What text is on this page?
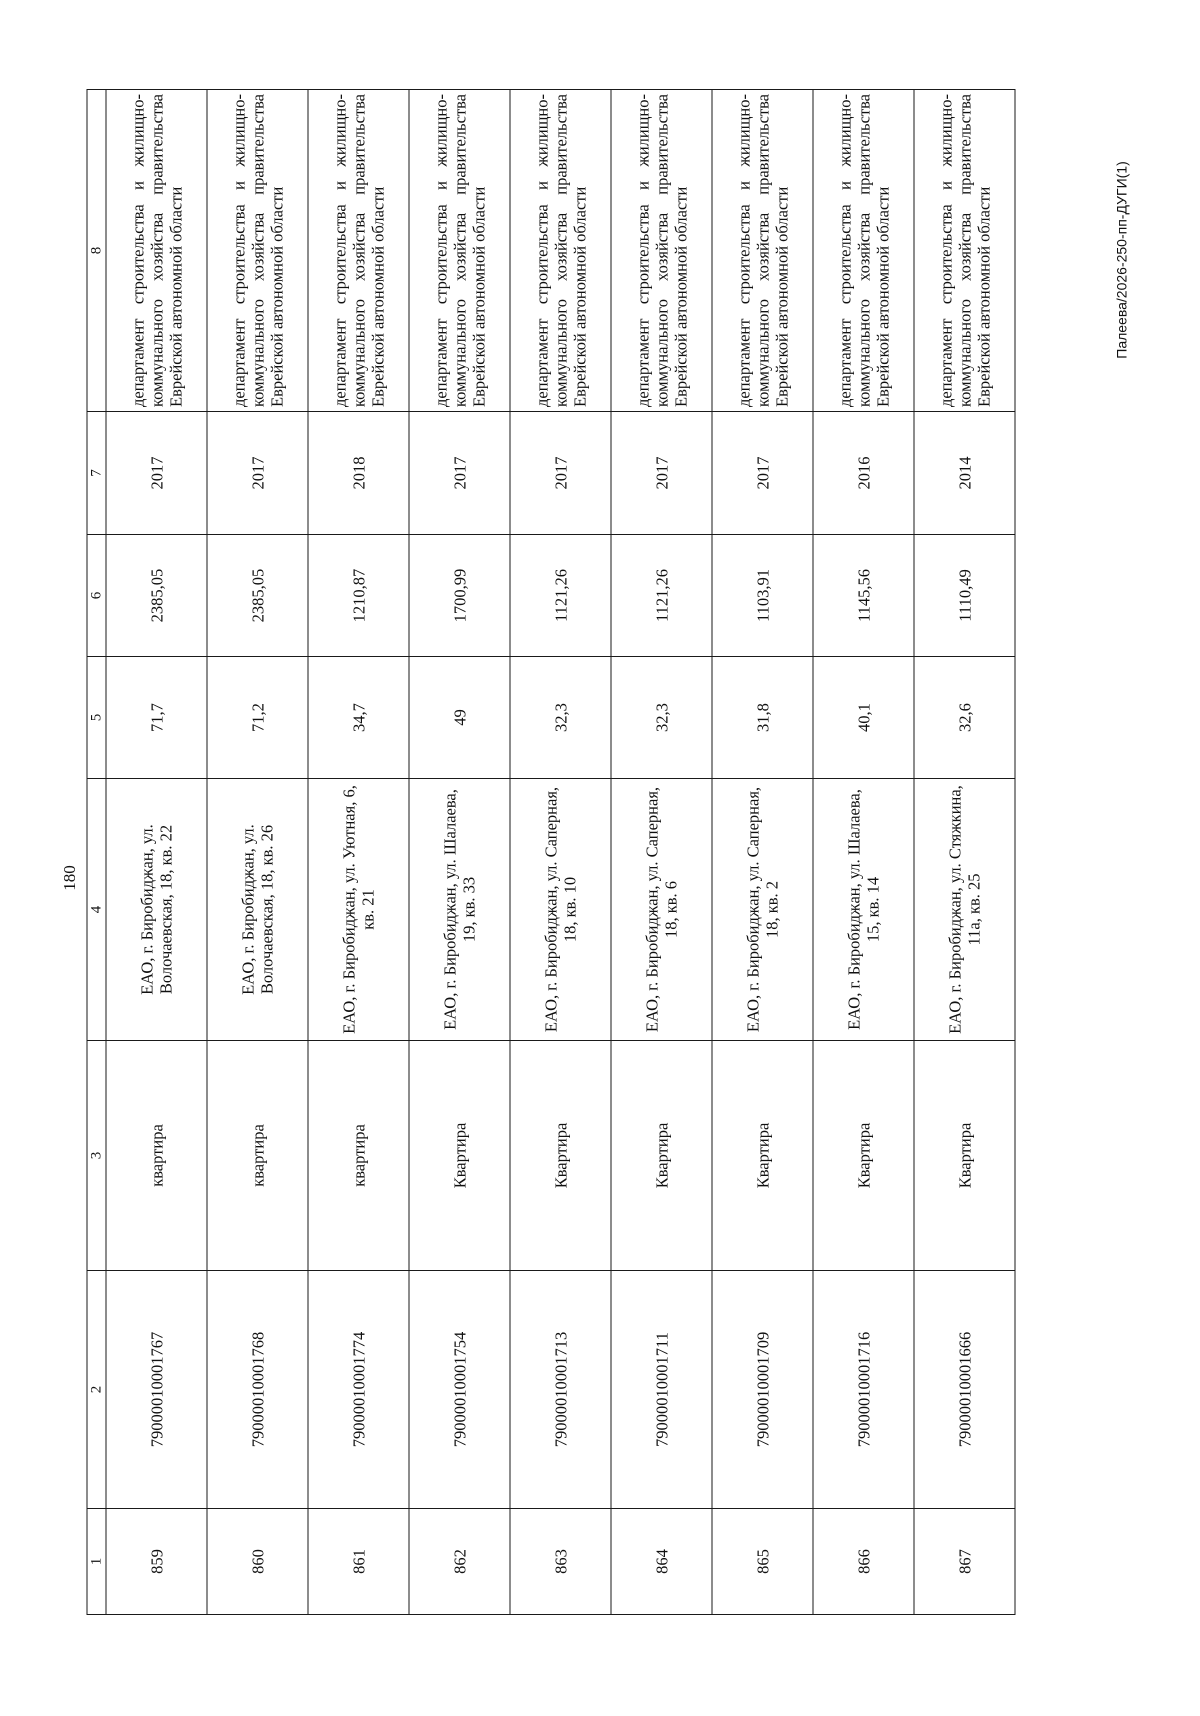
180
1	2	3	4	5	6	7	8
859	79000010001767	квартира	ЕАО, г. Биробиджан, ул. Волочаевская, 18, кв. 22	71,7	2385,05	2017	департамент строительства и жилищно-коммунального хозяйства правительства Еврейской автономной области
860	79000010001768	квартира	ЕАО, г. Биробиджан, ул. Волочаевская, 18, кв. 26	71,2	2385,05	2017	департамент строительства и жилищно-коммунального хозяйства правительства Еврейской автономной области
861	79000010001774	квартира	ЕАО, г. Биробиджан, ул. Уютная, 6, кв. 21	34,7	1210,87	2018	департамент строительства и жилищно-коммунального хозяйства правительства Еврейской автономной области
862	79000010001754	Квартира	ЕАО, г. Биробиджан, ул. Шалаева, 19, кв. 33	49	1700,99	2017	департамент строительства и жилищно-коммунального хозяйства правительства Еврейской автономной области
863	79000010001713	Квартира	ЕАО, г. Биробиджан, ул. Саперная, 18, кв. 10	32,3	1121,26	2017	департамент строительства и жилищно-коммунального хозяйства правительства Еврейской автономной области
864	79000010001711	Квартира	ЕАО, г. Биробиджан, ул. Саперная, 18, кв. 6	32,3	1121,26	2017	департамент строительства и жилищно-коммунального хозяйства правительства Еврейской автономной области
865	79000010001709	Квартира	ЕАО, г. Биробиджан, ул. Саперная, 18, кв. 2	31,8	1103,91	2017	департамент строительства и жилищно-коммунального хозяйства правительства Еврейской автономной области
866	79000010001716	Квартира	ЕАО, г. Биробиджан, ул. Шалаева, 15, кв. 14	40,1	1145,56	2016	департамент строительства и жилищно-коммунального хозяйства правительства Еврейской автономной области
867	79000010001666	Квартира	ЕАО, г. Биробиджан, ул. Стяжкина, 11а, кв. 25	32,6	1110,49	2014	департамент строительства и жилищно-коммунального хозяйства правительства Еврейской автономной области	Палеева/2026-250-пп-ДУГИ(1)
